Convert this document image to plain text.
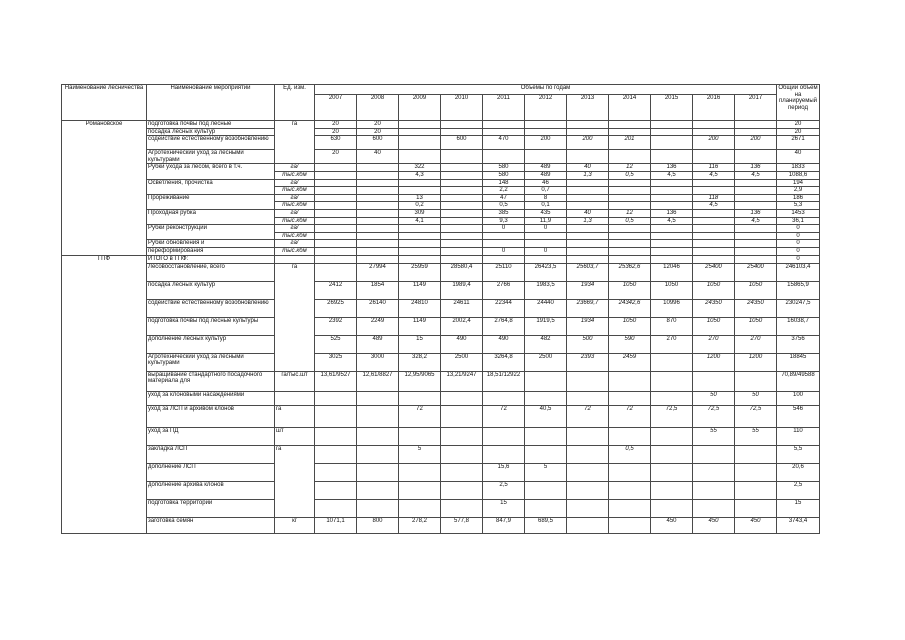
Наименование лесничества	Наименование мероприятий	Ед. изм.	Объемы по годам											Общий объем на планируемый период
			2007	2008	2009	2010	2011	2012	2013	2014	2015	2016	2017	
Романовское	подготовка почвы под лесные	га	20	20										20
	посадка лесных культур		20	20										20
	содействие естественному возобновлению		630	600		600	470	200	200	201		200	200	2671
	Агротехнический уход за лесными культурами		20	40										40
	Рубки ухода за лесом, всего в т.ч.	га/			322		580	489	40	12	136	116	136	1833
		тыс.кбм			4,3		580	489	1,3	0,5	4,5	4,5	4,5	1088,6
	Осветления, прочистка	га/					148	46						194
		тыс.кбм					2,2	0,7						2,9
	Прореживание	га/			13		47	8				118		186
		тыс.кбм			0,2		0,5	0,1				4,5		5,3
	Проходная рубка	га/			309		385	435	40	12	136		136	1453
		тыс.кбм			4,1		9,3	11,9	1,3	0,5	4,5		4,5	36,1
	Рубки реконструкции	га/					0	0						0
		тыс.кбм												0
	Рубки обновления и	га/												0
	переформирования	тыс.кбм					0	0						0
ГПФ	ИТОГО в ГПФ:													0
	Лесовосстановление, всего	га		27994	25959	28580,4	25110	26423,5	25603,7	25362,6	12046	25400	25400	246103,4
	посадка лесных культур		2412	1854	1149	1989,4	2766	1983,5	1934	1050	1050	1050	1050	15865,9
	содействие естественному возобновлению		26925	26140	24810	24611	22344	24440	23669,7	24342,6	10996	24350	24350	230247,5
	подготовка почвы под лесные культуры		2392	2249	1149	2002,4	2764,8	1919,5	1934	1050	870	1050	1050	16038,7
	дополнение лесных культур		525	489	15	490	490	482	500	590	270	270	270	3756
	Агротехнический уход за лесными культурами		3025	3000	328,2	2500	3264,8	2500	2393	2459		1200	1200	18845
	выращивание стандартного посадочного материала для	га/тыс.шт	13,61/9527	12,61/8827	12,95/9065	13,21/9247	18,51/12922							70,89/49588
	уход за клоновыми насаждениями											50	50	100
	уход за ЛСП и архивом клонов	га			72		72	40,5	72	72	72,5	72,5	72,5	546
	уход за ПД	шт										55	55	110
	закладка ЛСП	га			5					0,5				5,5
	дополнение ЛСП						15,6	5						20,6
	дополнение архива клонов						2,5							2,5
	подготовка территории						15							15
	заготовка семян	кг	1071,1	800	278,2	577,8	847,9	689,5			450	450	450	3743,4
